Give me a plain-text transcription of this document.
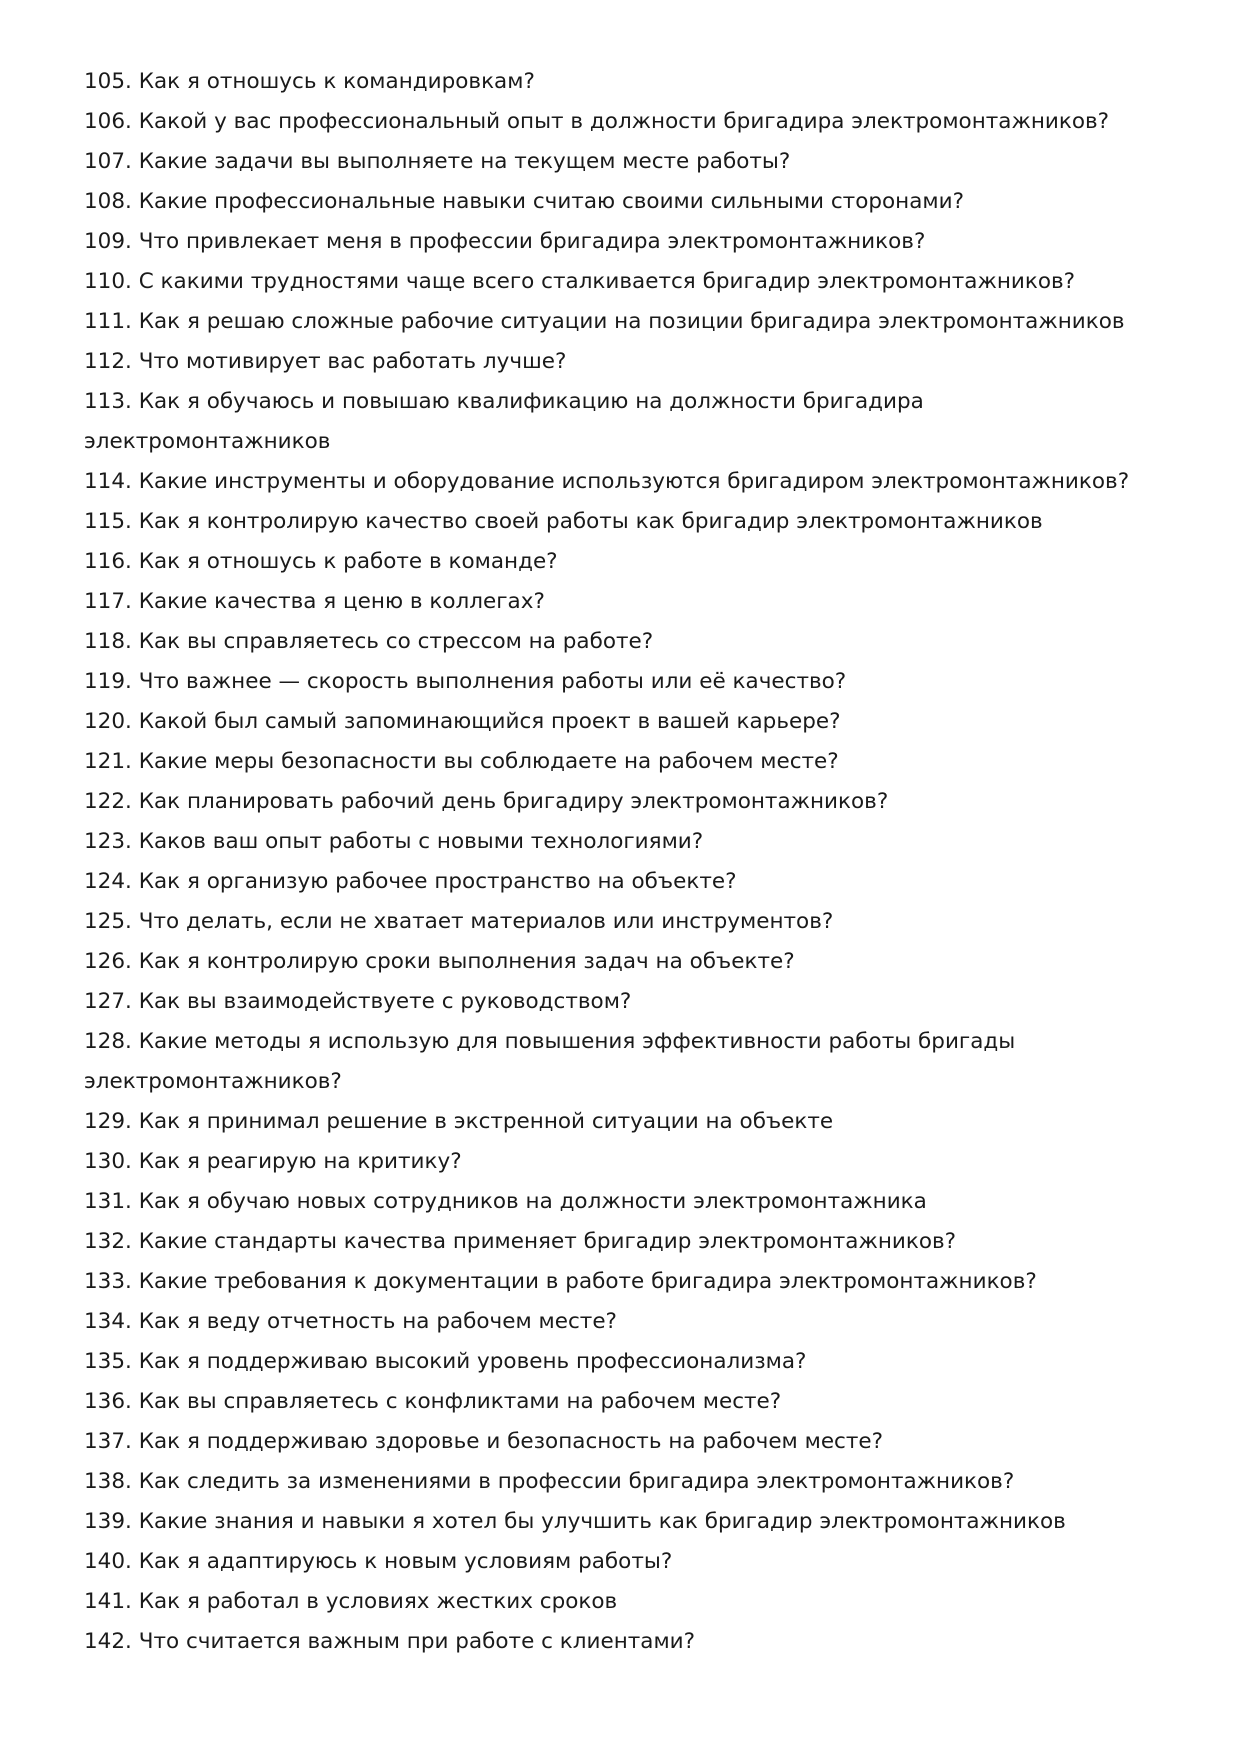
105. Как я отношусь к командировкам?
106. Какой у вас профессиональный опыт в должности бригадира электромонтажников?
107. Какие задачи вы выполняете на текущем месте работы?
108. Какие профессиональные навыки считаю своими сильными сторонами?
109. Что привлекает меня в профессии бригадира электромонтажников?
110. С какими трудностями чаще всего сталкивается бригадир электромонтажников?
111. Как я решаю сложные рабочие ситуации на позиции бригадира электромонтажников
112. Что мотивирует вас работать лучше?
113. Как я обучаюсь и повышаю квалификацию на должности бригадира электромонтажников
114. Какие инструменты и оборудование используются бригадиром электромонтажников?
115. Как я контролирую качество своей работы как бригадир электромонтажников
116. Как я отношусь к работе в команде?
117. Какие качества я ценю в коллегах?
118. Как вы справляетесь со стрессом на работе?
119. Что важнее — скорость выполнения работы или её качество?
120. Какой был самый запоминающийся проект в вашей карьере?
121. Какие меры безопасности вы соблюдаете на рабочем месте?
122. Как планировать рабочий день бригадиру электромонтажников?
123. Каков ваш опыт работы с новыми технологиями?
124. Как я организую рабочее пространство на объекте?
125. Что делать, если не хватает материалов или инструментов?
126. Как я контролирую сроки выполнения задач на объекте?
127. Как вы взаимодействуете с руководством?
128. Какие методы я использую для повышения эффективности работы бригады электромонтажников?
129. Как я принимал решение в экстренной ситуации на объекте
130. Как я реагирую на критику?
131. Как я обучаю новых сотрудников на должности электромонтажника
132. Какие стандарты качества применяет бригадир электромонтажников?
133. Какие требования к документации в работе бригадира электромонтажников?
134. Как я веду отчетность на рабочем месте?
135. Как я поддерживаю высокий уровень профессионализма?
136. Как вы справляетесь с конфликтами на рабочем месте?
137. Как я поддерживаю здоровье и безопасность на рабочем месте?
138. Как следить за изменениями в профессии бригадира электромонтажников?
139. Какие знания и навыки я хотел бы улучшить как бригадир электромонтажников
140. Как я адаптируюсь к новым условиям работы?
141. Как я работал в условиях жестких сроков
142. Что считается важным при работе с клиентами?
